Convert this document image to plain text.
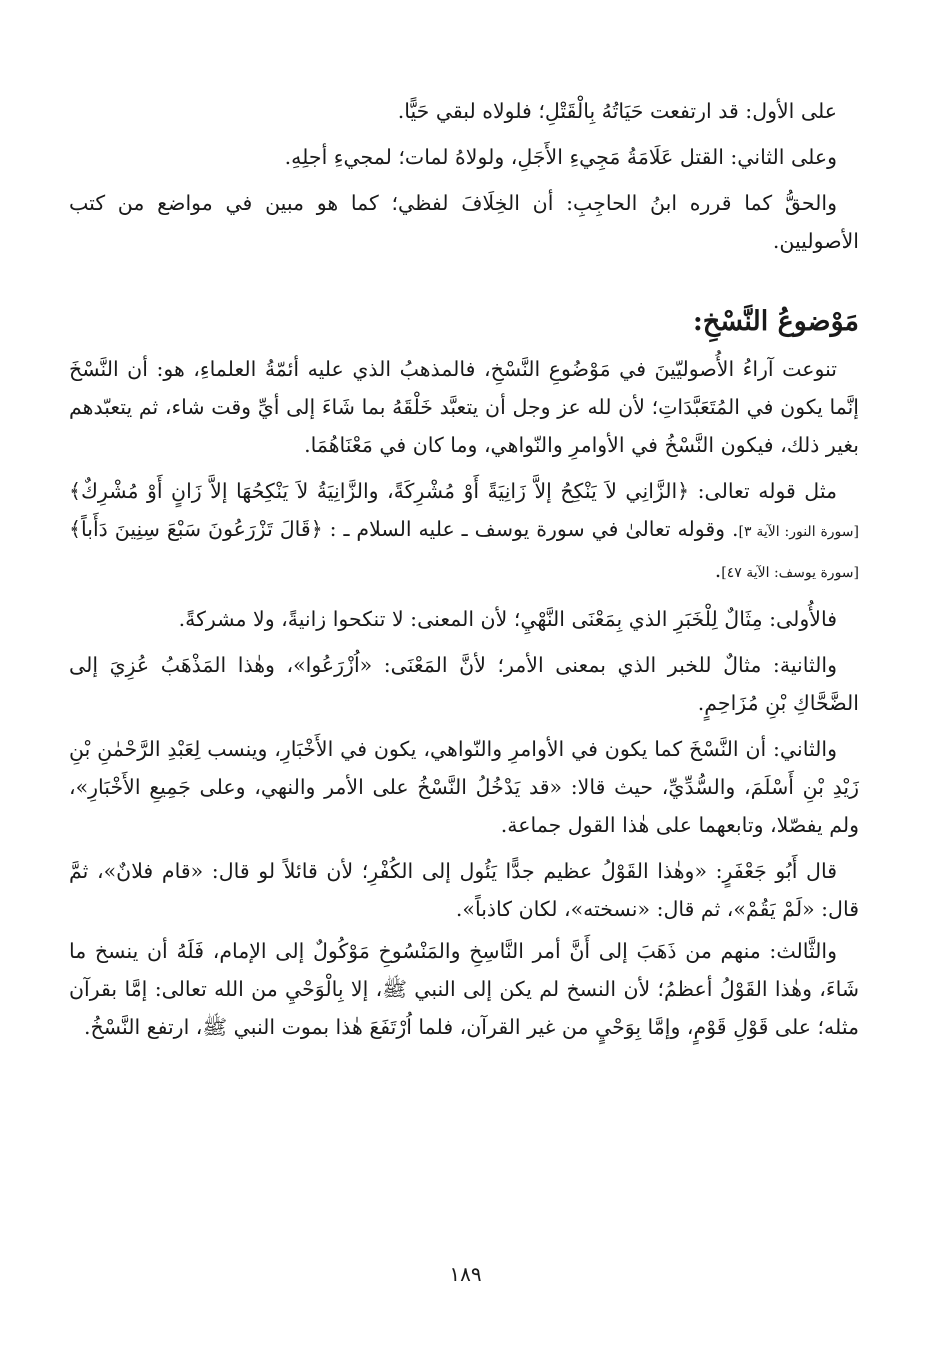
على الأول: قد ارتفعت حَيَاتُهُ بِالْقَتْلِ؛ فلولاه لبقي حَيًّا.

وعلى الثاني: القتل عَلَامَةُ مَجِيءِ الأَجَلِ، ولولاهُ لمات؛ لمجيءِ أجلِهِ.

والحقُّ كما قرره ابنُ الحاجِبِ: أن الخِلَافَ لفظي؛ كما هو مبين في مواضع من كتب الأصوليين.

مَوْضوعُ النَّسْخِ:

تنوعت آراءُ الأُصوليّينَ في مَوْضُوعِ النَّسْخِ، فالمذهبُ الذي عليه أئمّةُ العلماءِ، هو: أن النَّسْخَ إنَّما يكون في المُتَعَبَّدَاتِ؛ لأن لله عز وجل أن يتعبَّد خَلْقَهُ بما شَاءَ إلى أيِّ وقت شاء، ثم يتعبّدهم بغير ذلك، فيكون النَّسْخُ في الأوامرِ والنّواهي، وما كان في مَعْنَاهُمَا.

مثل قوله تعالى: ﴿الزَّانِي لاَ يَنْكِحُ إلاَّ زَانِيَةً أَوْ مُشْرِكَةً، والزَّانِيَةُ لاَ يَنْكِحُهَا إلاَّ زَانٍ أَوْ مُشْرِكٌ﴾ [سورة النور: الآية ٣]. وقوله تعالىٰ في سورة يوسف ـ عليه السلام ـ : ﴿قَالَ تَزْرَعُونَ سَبْعَ سِنِينَ دَأَباً﴾ [سورة يوسف: الآية ٤٧].

فالأُولى: مِثَالٌ لِلْخَبَرِ الذي بِمَعْنَى النَّهْيِ؛ لأن المعنى: لا تنكحوا زانيةً، ولا مشركةً.

والثانية: مثالٌ للخبر الذي بمعنى الأمر؛ لأنَّ المَعْنَى: «اُزْرَعُوا»، وهٰذا المَذْهَبُ عُزِيَ إلى الضَّحَّاكِ بْنِ مُزَاحِمٍ.

والثاني: أن النَّسْخَ كما يكون في الأوامرِ والنّواهي، يكون في الأَخْبَارِ، وينسب لِعَبْدِ الرَّحْمٰنِ بْنِ زَيْدِ بْنِ أَسْلَمَ، والسُّدِّيِّ، حيث قالا: «قد يَدْخُلُ النَّسْخُ على الأمر والنهي، وعلى جَمِيعِ الأَخْبَارِ»، ولم يفصّلا، وتابعهما على هٰذا القول جماعة.

قال أَبُو جَعْفَرٍ: «وهٰذا القَوْلُ عظيم جدًّا يَئُول إلى الكُفْرِ؛ لأن قائلاً لو قال: «قام فلانٌ»، ثمَّ قال: «لَمْ يَقُمْ»، ثم قال: «نسخته»، لكان كاذباً».

والثَّالث: منهم من ذَهَبَ إلى أَنَّ أمر النَّاسِخِ والمَنْسُوخِ مَوْكُولٌ إلى الإمام، فَلَهُ أن ينسخ ما شَاءَ، وهٰذا القَوْلُ أعظمُ؛ لأن النسخ لم يكن إلى النبي ﷺ، إلا بِالْوَحْيِ من الله تعالى: إمَّا بقرآن مثله؛ على قَوْلِ قَوْمٍ، وإمَّا بِوَحْيٍ من غير القرآن، فلما اُرْتَفَعَ هٰذا بموت النبي ﷺ، ارتفع النَّسْخُ.

١٨٩
